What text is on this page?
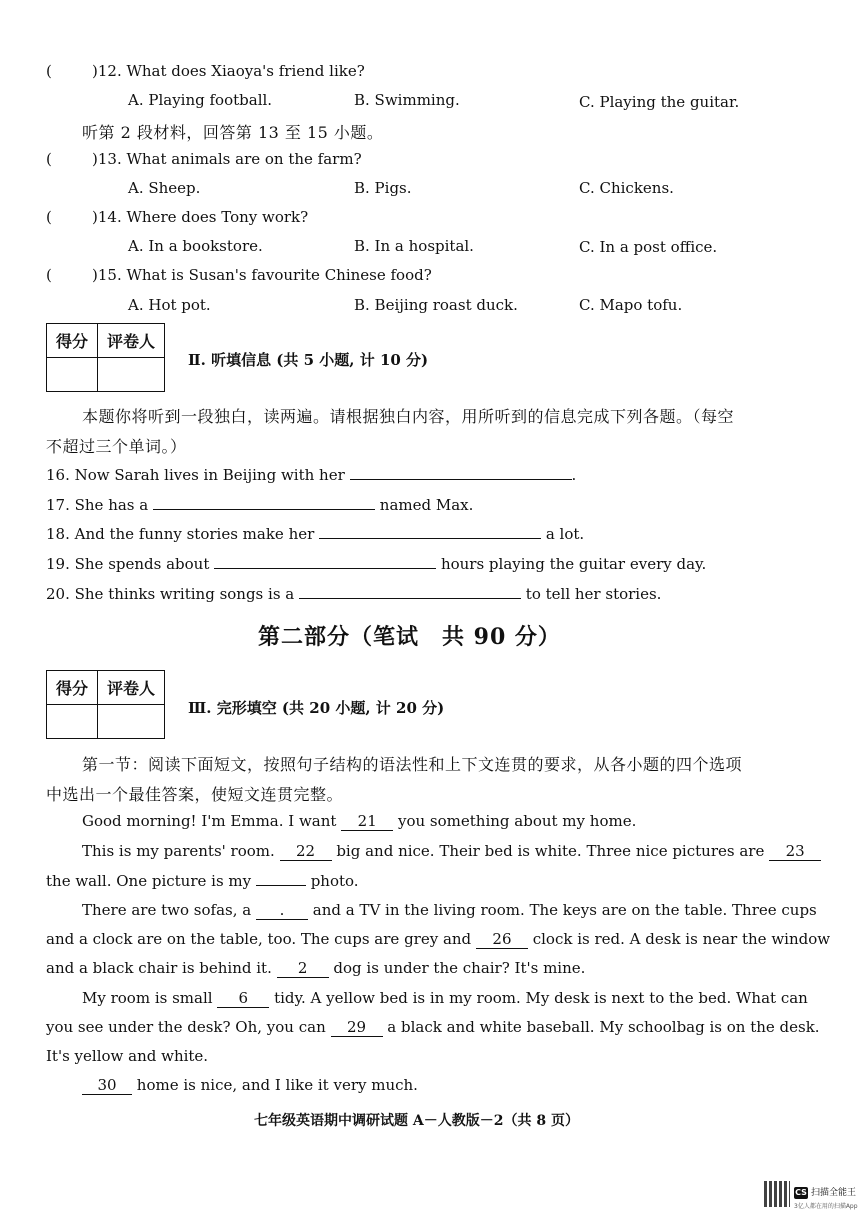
(	)12. What does Xiaoya's friend like?
A. Playing football.	B. Swimming.	C. Playing the guitar.
听第 2 段材料，回答第 13 至 15 小题。
(	)13. What animals are on the farm?
A. Sheep.	B. Pigs.	C. Chickens.
(	)14. Where does Tony work?
A. In a bookstore.	B. In a hospital.	C. In a post office.
(	)15. What is Susan's favourite Chinese food?
A. Hot pot.	B. Beijing roast duck.	C. Mapo tofu.
得分	评卷人

Ⅱ. 听填信息 (共 5 小题, 计 10 分)
本题你将听到一段独白，读两遍。请根据独白内容，用所听到的信息完成下列各题。（每空
不超过三个单词。）
16. Now Sarah lives in Beijing with her	.
17. She has a	named Max.
18. And the funny stories make her	a lot.
19. She spends about	hours playing the guitar every day.
20. She thinks writing songs is a	to tell her stories.
第二部分（笔试　共 90 分）
得分	评卷人

Ⅲ. 完形填空 (共 20 小题, 计 20 分)
第一节：阅读下面短文，按照句子结构的语法性和上下文连贯的要求，从各小题的四个选项
中选出一个最佳答案，使短文连贯完整。
Good morning! I'm Emma. I want 21 you something about my home.
This is my parents' room. 22 big and nice. Their bed is white. Three nice pictures are 23
the wall. One picture is my	photo.
There are two sofas, a . and a TV in the living room. The keys are on the table. Three cups
and a clock are on the table, too. The cups are grey and 26 clock is red. A desk is near the window
and a black chair is behind it. 2 dog is under the chair? It's mine.
My room is small 6 tidy. A yellow bed is in my room. My desk is next to the bed. What can
you see under the desk? Oh, you can 29 a black and white baseball. My schoolbag is on the desk.
It's yellow and white.
30 home is nice, and I like it very much.
七年级英语期中调研试题 A－人教版－2（共 8 页）
CS 扫描全能王
3亿人都在用的扫描App
